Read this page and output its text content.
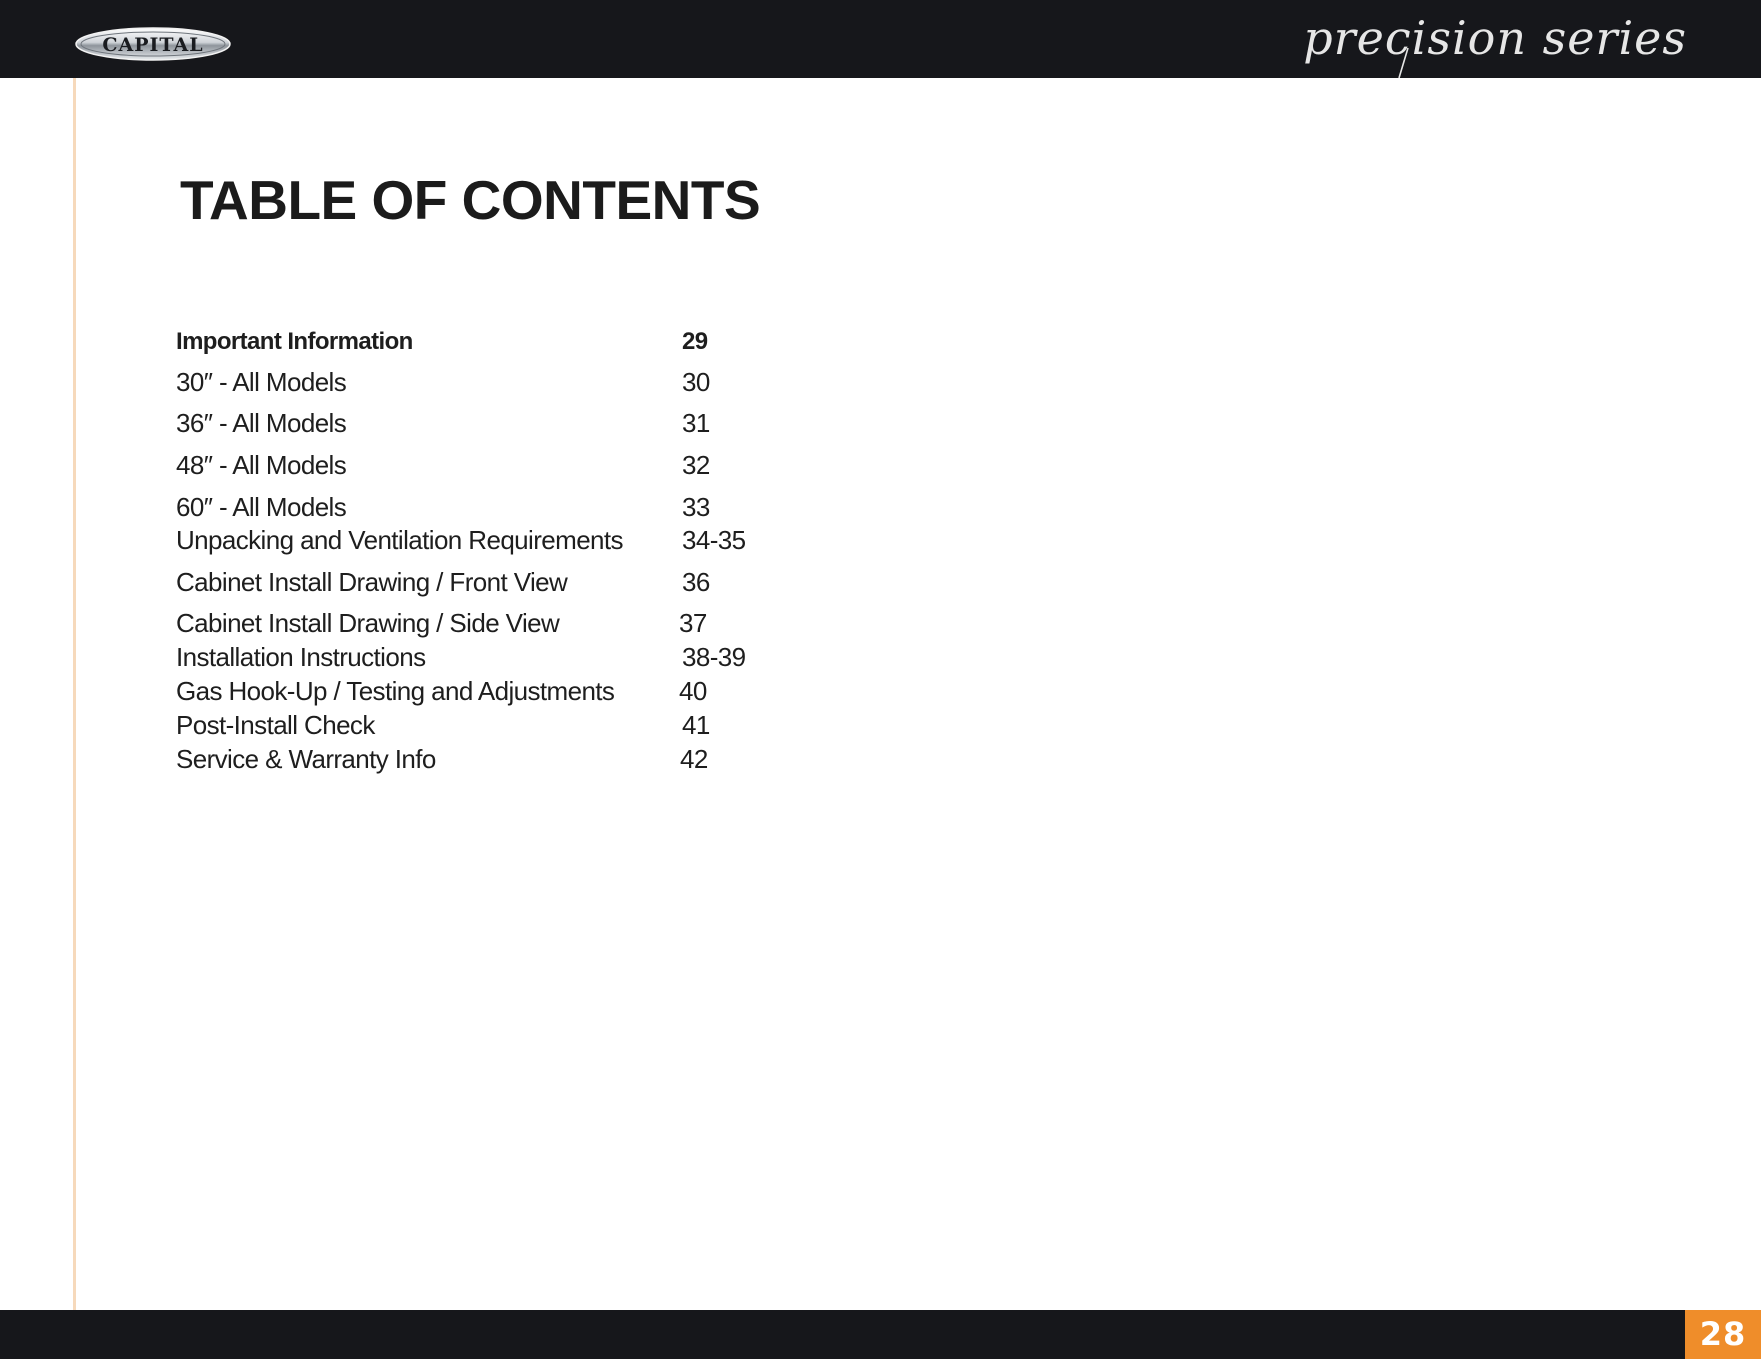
CAPITAL	precision series
TABLE OF CONTENTS
Important Information	29
30″ - All Models	30
36″ - All Models	31
48″ - All Models	32
60″ - All Models	33
Unpacking and Ventilation Requirements 34-35
Cabinet Install Drawing / Front View	36
Cabinet Install Drawing / Side View	37
Installation Instructions	38-39
Gas Hook-Up / Testing and Adjustments 40
Post-Install Check	41
Service & Warranty Info	42
28
